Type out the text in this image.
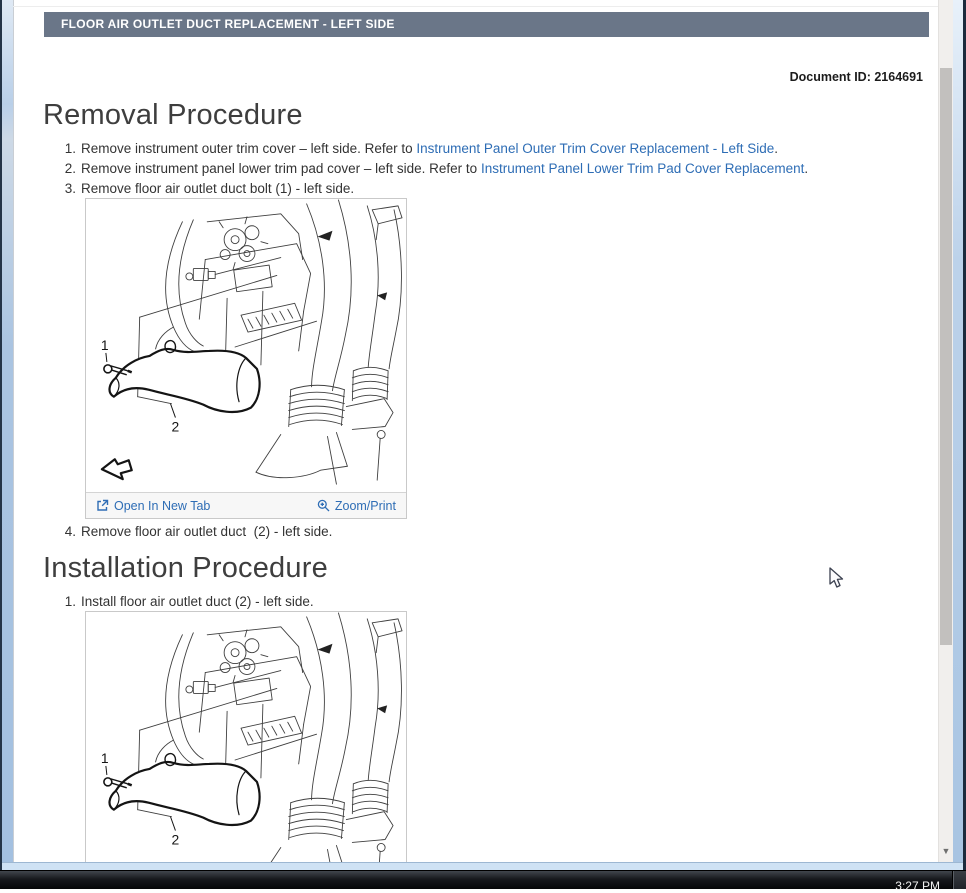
FLOOR AIR OUTLET DUCT REPLACEMENT - LEFT SIDE
Document ID: 2164691
Removal Procedure
1. Remove instrument outer trim cover – left side. Refer to Instrument Panel Outer Trim Cover Replacement - Left Side.
2. Remove instrument panel lower trim pad cover – left side. Refer to Instrument Panel Lower Trim Pad Cover Replacement.
3. Remove floor air outlet duct bolt (1) - left side.
1
2
Open In New Tab	Zoom/Print
4. Remove floor air outlet duct  (2) - left side.
Installation Procedure
1. Install floor air outlet duct (2) - left side.
▼
3:27 PM
